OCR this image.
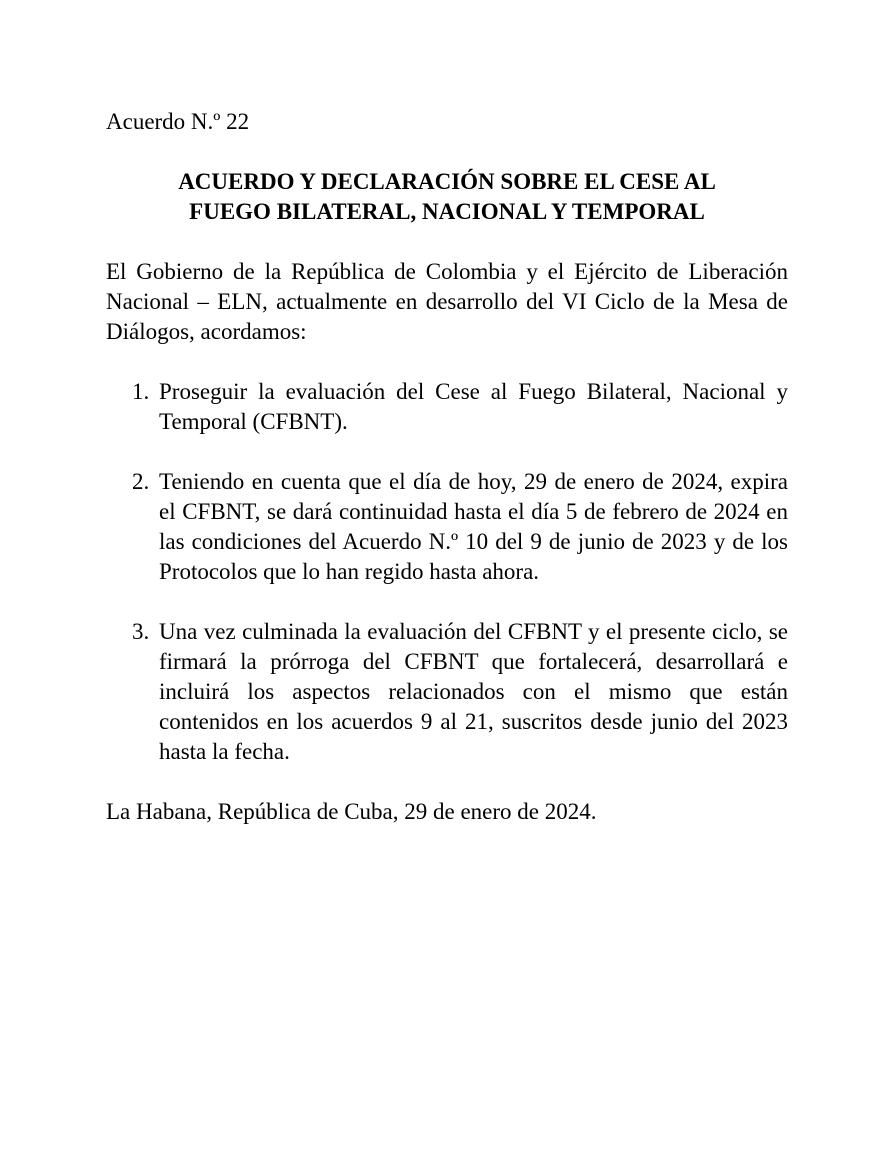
Acuerdo N.º 22

ACUERDO Y DECLARACIÓN SOBRE EL CESE AL
FUEGO BILATERAL, NACIONAL Y TEMPORAL

El Gobierno de la República de Colombia y el Ejército de Liberación Nacional – ELN, actualmente en desarrollo del VI Ciclo de la Mesa de Diálogos, acordamos:

1. Proseguir la evaluación del Cese al Fuego Bilateral, Nacional y Temporal (CFBNT).
2. Teniendo en cuenta que el día de hoy, 29 de enero de 2024, expira el CFBNT, se dará continuidad hasta el día 5 de febrero de 2024 en las condiciones del Acuerdo N.º 10 del 9 de junio de 2023 y de los Protocolos que lo han regido hasta ahora.
3. Una vez culminada la evaluación del CFBNT y el presente ciclo, se firmará la prórroga del CFBNT que fortalecerá, desarrollará e incluirá los aspectos relacionados con el mismo que están contenidos en los acuerdos 9 al 21, suscritos desde junio del 2023 hasta la fecha.

La Habana, República de Cuba, 29 de enero de 2024.
